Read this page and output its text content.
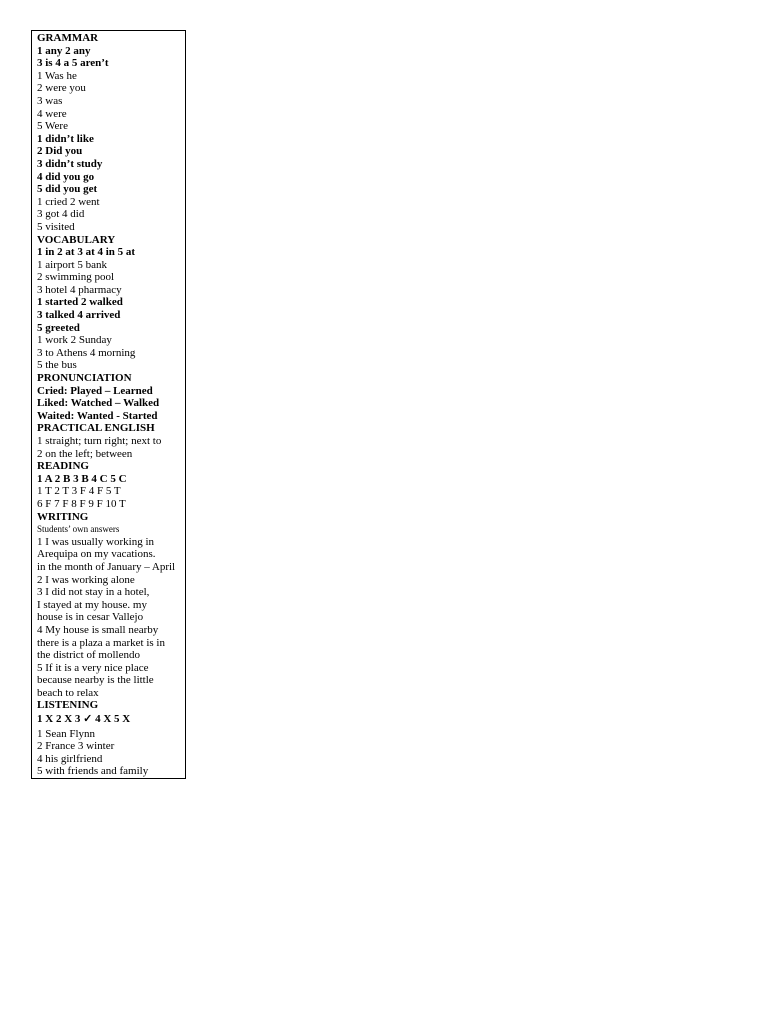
GRAMMAR
1 any 2 any
3 is 4 a 5 aren’t
1 Was he
2 were you
3 was
4 were
5 Were
1 didn’t like
2 Did you
3 didn’t study
4 did you go
5 did you get
1 cried 2 went
3 got 4 did
5 visited
VOCABULARY
1 in 2 at 3 at 4 in 5 at
1 airport 5 bank
2 swimming pool
3 hotel 4 pharmacy
1 started 2 walked
3 talked 4 arrived
5 greeted
1 work 2 Sunday
3 to Athens 4 morning
5 the bus
PRONUNCIATION
Cried: Played – Learned
Liked: Watched – Walked
Waited: Wanted - Started
PRACTICAL ENGLISH
1 straight; turn right; next to
2 on the left; between
READING
1 A 2 B 3 B 4 C 5 C
1 T 2 T 3 F 4 F 5 T
6 F 7 F 8 F 9 F 10 T
WRITING
Students’ own answers
1 I was usually working in
Arequipa on my vacations.
in the month of January – April
2 I was working alone
3 I did not stay in a hotel,
I stayed at my house. my
house is in cesar Vallejo
4 My house is small nearby
there is a plaza a market is in
the district of mollendo
5 If it is a very nice place
because nearby is the little
beach to relax
LISTENING
1 X 2 X 3 ✓ 4 X 5 X
1 Sean Flynn
2 France 3 winter
4 his girlfriend
5 with friends and family
